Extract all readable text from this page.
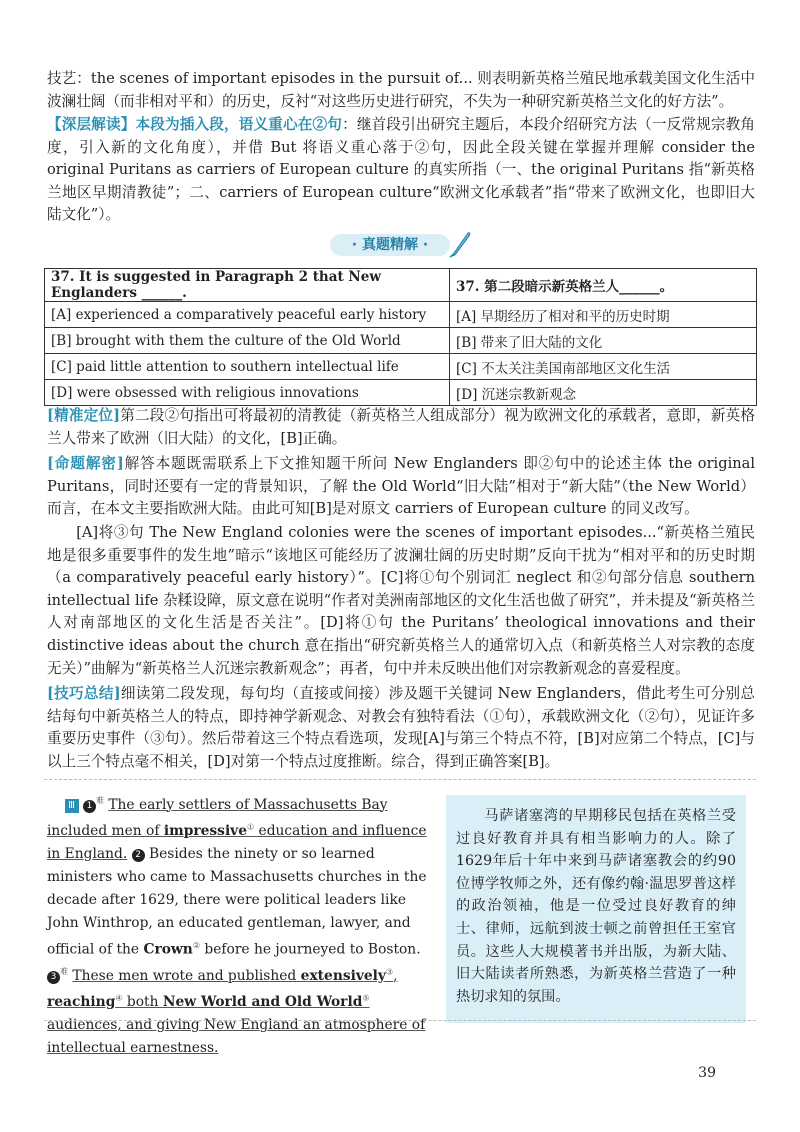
技艺：the scenes of important episodes in the pursuit of... 则表明新英格兰殖民地承载美国文化生活中波澜壮阔（而非相对平和）的历史，反衬“对这些历史进行研究，不失为一种研究新英格兰文化的好方法”。

【深层解读】本段为插入段，语义重心在②句：继首段引出研究主题后，本段介绍研究方法（一反常规宗教角度，引入新的文化角度），并借 But 将语义重心落于②句，因此全段关键在掌握并理解 consider the original Puritans as carriers of European culture 的真实所指（一、the original Puritans 指“新英格兰地区早期清教徒”；二、carriers of European culture“欧洲文化承载者”指“带来了欧洲文化，也即旧大陆文化”）。

· 真题精解 ·
37. It is suggested in Paragraph 2 that New Englanders ______.	37. 第二段暗示新英格兰人______。
[A] experienced a comparatively peaceful early history	[A] 早期经历了相对和平的历史时期
[B] brought with them the culture of the Old World	[B] 带来了旧大陆的文化
[C] paid little attention to southern intellectual life	[C] 不太关注美国南部地区文化生活
[D] were obsessed with religious innovations	[D] 沉迷宗教新观念

[精准定位]第二段②句指出可将最初的清教徒（新英格兰人组成部分）视为欧洲文化的承载者，意即，新英格兰人带来了欧洲（旧大陆）的文化，[B]正确。

[命题解密]解答本题既需联系上下文推知题干所问 New Englanders 即②句中的论述主体 the original Puritans，同时还要有一定的背景知识，了解 the Old World“旧大陆”相对于“新大陆”（the New World）而言，在本文主要指欧洲大陆。由此可知[B]是对原文 carriers of European culture 的同义改写。

[A]将③句 The New England colonies were the scenes of important episodes...“新英格兰殖民地是很多重要事件的发生地”暗示“该地区可能经历了波澜壮阔的历史时期”反向干扰为“相对平和的历史时期（a comparatively peaceful early history）”。[C]将①句个别词汇 neglect 和②句部分信息 southern intellectual life 杂糅设障，原文意在说明“作者对美洲南部地区的文化生活也做了研究”，并未提及“新英格兰人对南部地区的文化生活是否关注”。[D]将①句 the Puritans’ theological innovations and their distinctive ideas about the church 意在指出“研究新英格兰人的通常切入点（和新英格兰人对宗教的态度无关）”曲解为“新英格兰人沉迷宗教新观念”；再者，句中并未反映出他们对宗教新观念的喜爱程度。

[技巧总结]细读第二段发现，每句均（直接或间接）涉及题干关键词 New Englanders，借此考生可分别总结每句中新英格兰人的特点，即持神学新观念、对教会有独特看法（①句），承载欧洲文化（②句），见证许多重要历史事件（③句）。然后带着这三个特点看选项，发现[A]与第三个特点不符，[B]对应第二个特点，[C]与以上三个特点毫不相关，[D]对第一个特点过度推断。综合，得到正确答案[B]。

Ⅲ $1^难$ The early settlers of Massachusetts Bay included men of impressive① education and influence in England. 2 Besides the ninety or so learned ministers who came to Massachusetts churches in the decade after 1629, there were political leaders like John Winthrop, an educated gentleman, lawyer, and official of the Crown② before he journeyed to Boston. $3^难$ These men wrote and published extensively③, reaching④ both New World and Old World⑤ audiences, and giving New England an atmosphere of intellectual earnestness.
马萨诸塞湾的早期移民包括在英格兰受过良好教育并具有相当影响力的人。除了1629年后十年中来到马萨诸塞教会的约90位博学牧师之外，还有像约翰·温思罗普这样的政治领袖，他是一位受过良好教育的绅士、律师，远航到波士顿之前曾担任王室官员。这些人大规模著书并出版，为新大陆、旧大陆读者所熟悉，为新英格兰营造了一种热切求知的氛围。
39
